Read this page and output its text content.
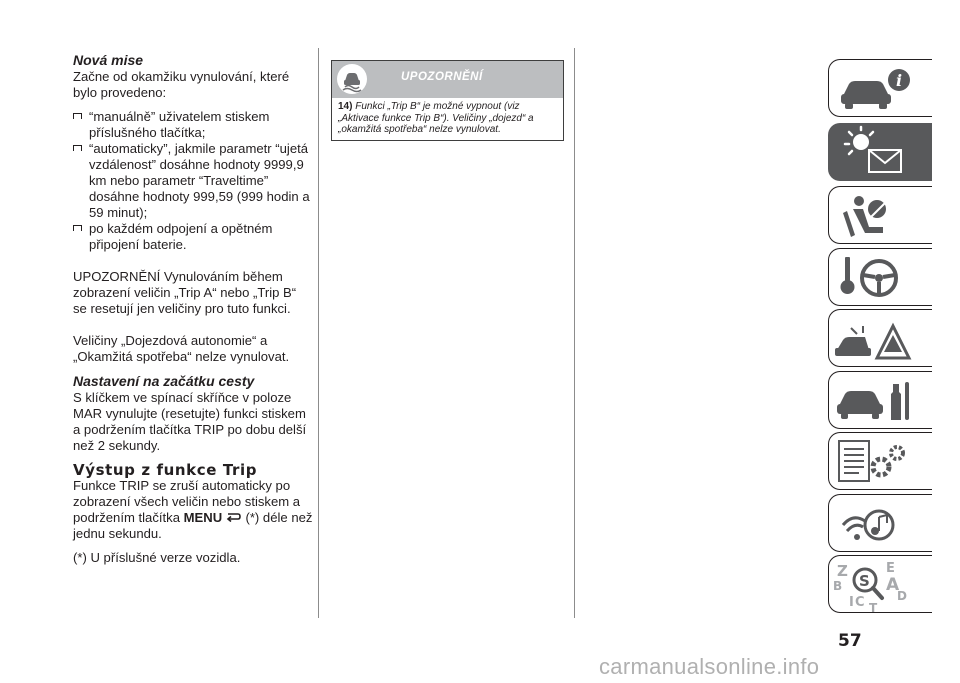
Nová mise

Začne od okamžiku vynulování, které bylo provedeno:

“manuálně” uživatelem stiskem příslušného tlačítka;
“automaticky”, jakmile parametr “ujetá vzdálenost” dosáhne hodnoty 9999,9 km nebo parametr “Traveltime” dosáhne hodnoty 999,59 (999 hodin a 59 minut);
po každém odpojení a opětném připojení baterie.

UPOZORNĚNÍ Vynulováním během zobrazení veličin „Trip A“ nebo „Trip B“ se resetují jen veličiny pro tuto funkci.

Veličiny „Dojezdová autonomie“ a „Okamžitá spotřeba“ nelze vynulovat.

Nastavení na začátku cesty

S klíčkem ve spínací skříňce v poloze MAR vynulujte (resetujte) funkci stiskem a podržením tlačítka TRIP po dobu delší než 2 sekundy.

Výstup z funkce Trip

Funkce TRIP se zruší automaticky po zobrazení všech veličin nebo stiskem a podržením tlačítka MENU (*) déle než jednu sekundu.

(*) U příslušné verze vozidla.

UPOZORNĚNÍ
14) Funkci „Trip B“ je možné vypnout (viz „Aktivace funkce Trip B“). Veličiny „dojezd“ a „okamžitá spotřeba“ nelze vynulovat.
i
Z	E
B	A
I C	D
T
S
57
carmanualsonline.info
